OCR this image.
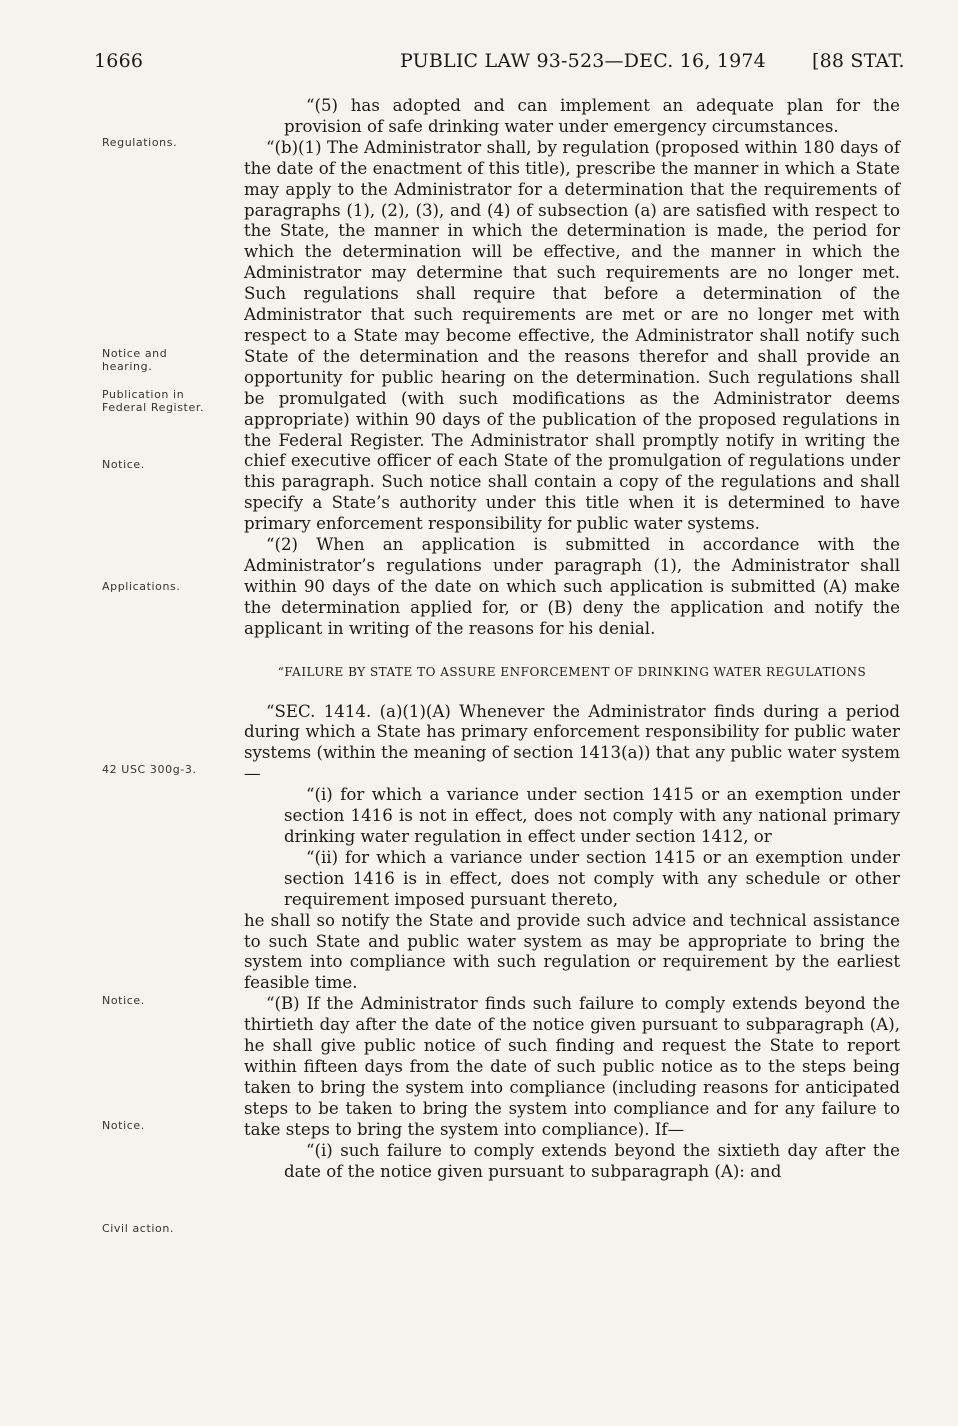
1666	PUBLIC LAW 93-523—DEC. 16, 1974 [88 STAT.
Regulations.
Notice and hearing.
Publication in Federal Register.
Notice.
Applications.
42 USC 300g-3.
Notice.
Notice.
Civil action.

“(5) has adopted and can implement an adequate plan for the provision of safe drinking water under emergency circumstances.

“(b)(1) The Administrator shall, by regulation (proposed within 180 days of the date of the enactment of this title), prescribe the manner in which a State may apply to the Administrator for a determination that the requirements of paragraphs (1), (2), (3), and (4) of subsection (a) are satisfied with respect to the State, the manner in which the determination is made, the period for which the determination will be effective, and the manner in which the Administrator may determine that such requirements are no longer met. Such regulations shall require that before a determination of the Administrator that such requirements are met or are no longer met with respect to a State may become effective, the Administrator shall notify such State of the determination and the reasons therefor and shall provide an opportunity for public hearing on the determination. Such regulations shall be promulgated (with such modifications as the Administrator deems appropriate) within 90 days of the publication of the proposed regulations in the Federal Register. The Administrator shall promptly notify in writing the chief executive officer of each State of the promulgation of regulations under this paragraph. Such notice shall contain a copy of the regulations and shall specify a State’s authority under this title when it is determined to have primary enforcement responsibility for public water systems.

“(2) When an application is submitted in accordance with the Administrator’s regulations under paragraph (1), the Administrator shall within 90 days of the date on which such application is submitted (A) make the determination applied for, or (B) deny the application and notify the applicant in writing of the reasons for his denial.

“FAILURE BY STATE TO ASSURE ENFORCEMENT OF DRINKING WATER REGULATIONS

“SEC. 1414. (a)(1)(A) Whenever the Administrator finds during a period during which a State has primary enforcement responsibility for public water systems (within the meaning of section 1413(a)) that any public water system—

“(i) for which a variance under section 1415 or an exemption under section 1416 is not in effect, does not comply with any national primary drinking water regulation in effect under section 1412, or

“(ii) for which a variance under section 1415 or an exemption under section 1416 is in effect, does not comply with any schedule or other requirement imposed pursuant thereto,

he shall so notify the State and provide such advice and technical assistance to such State and public water system as may be appropriate to bring the system into compliance with such regulation or requirement by the earliest feasible time.

“(B) If the Administrator finds such failure to comply extends beyond the thirtieth day after the date of the notice given pursuant to subparagraph (A), he shall give public notice of such finding and request the State to report within fifteen days from the date of such public notice as to the steps being taken to bring the system into compliance (including reasons for anticipated steps to be taken to bring the system into compliance and for any failure to take steps to bring the system into compliance). If—

“(i) such failure to comply extends beyond the sixtieth day after the date of the notice given pursuant to subparagraph (A): and
